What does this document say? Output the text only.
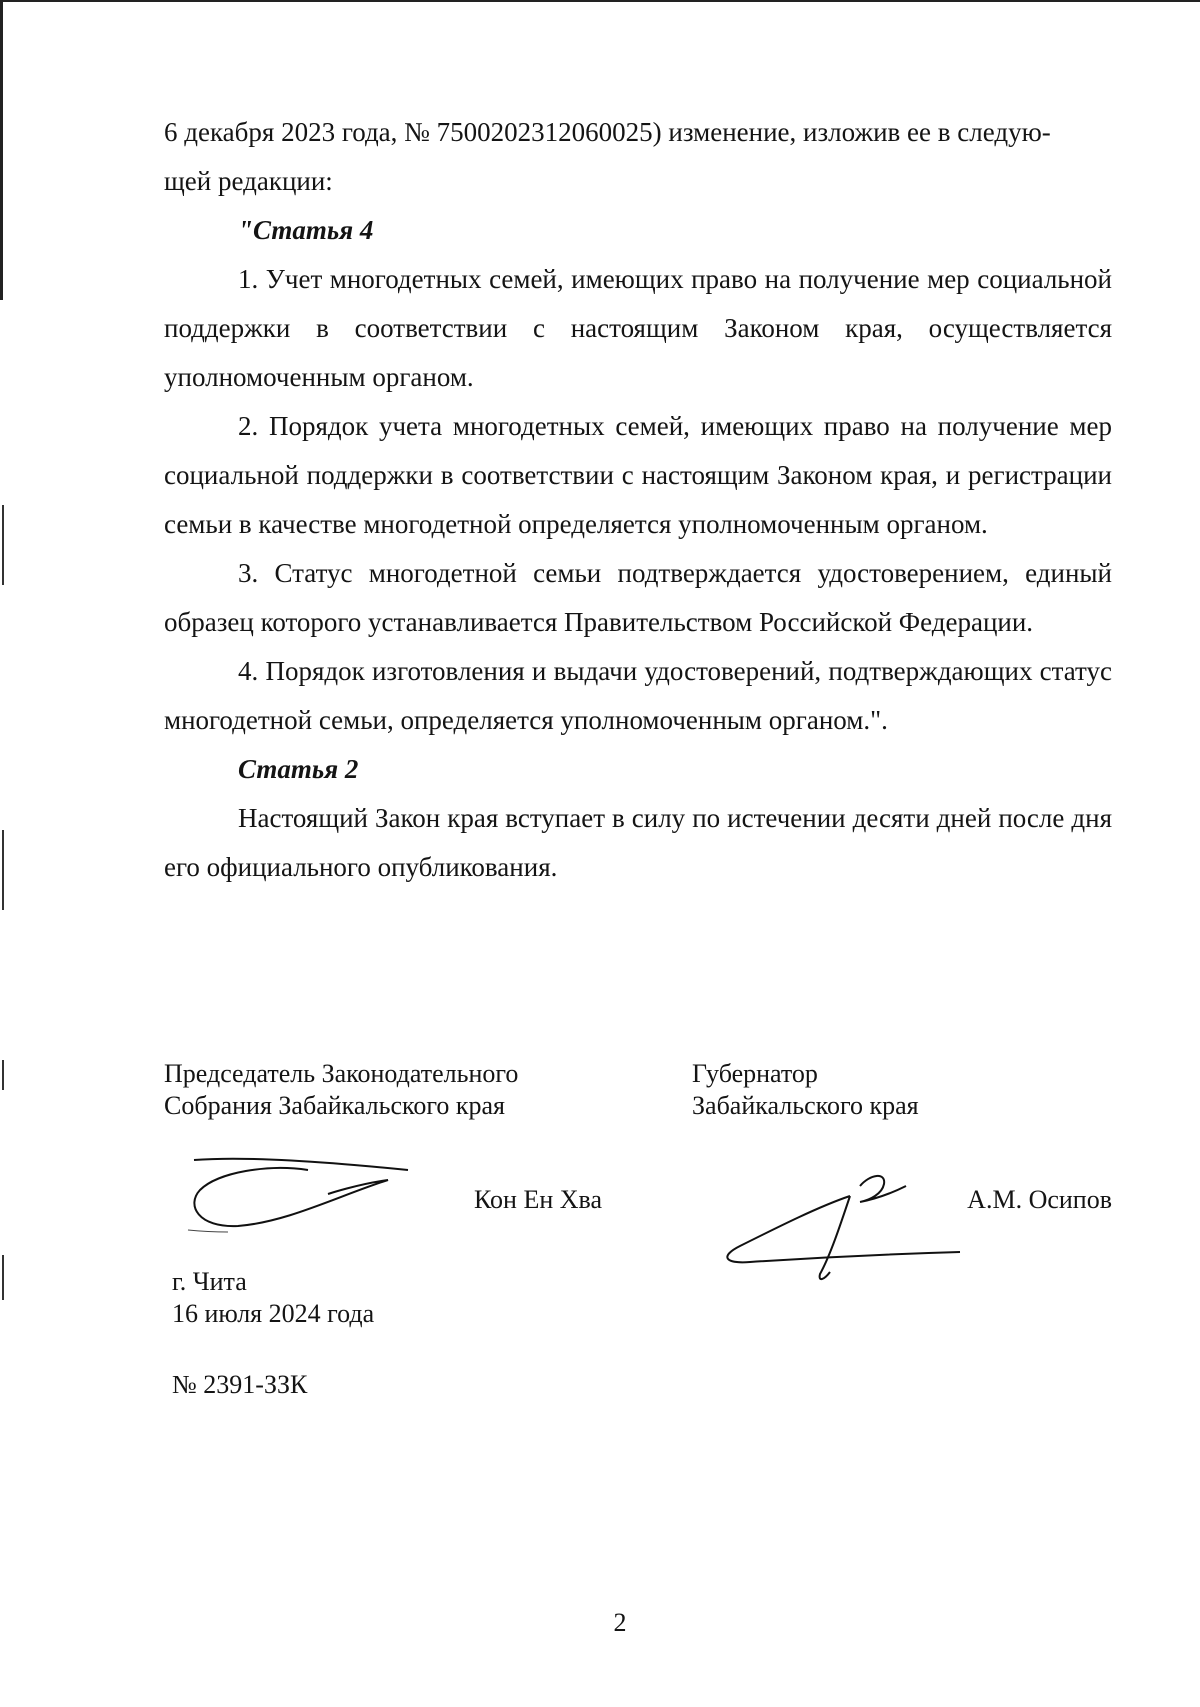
6 декабря 2023 года, № 7500202312060025) изменение, изложив ее в следую-
щей редакции:

"Статья 4

1. Учет многодетных семей, имеющих право на получение мер социальной поддержки в соответствии с настоящим Законом края, осуществляется уполномоченным органом.

2. Порядок учета многодетных семей, имеющих право на получение мер социальной поддержки в соответствии с настоящим Законом края, и регистрации семьи в качестве многодетной определяется уполномоченным органом.

3. Статус многодетной семьи подтверждается удостоверением, единый образец которого устанавливается Правительством Российской Федерации.

4. Порядок изготовления и выдачи удостоверений, подтверждающих статус многодетной семьи, определяется уполномоченным органом.".

Статья 2

Настоящий Закон края вступает в силу по истечении десяти дней после дня его официального опубликования.

Председатель Законодательного
Собрания Забайкальского края
Губернатор
Забайкальского края
Кон Ен Хва	А.М. Осипов
г. Чита
16 июля 2024 года
№ 2391-ЗЗК
2
